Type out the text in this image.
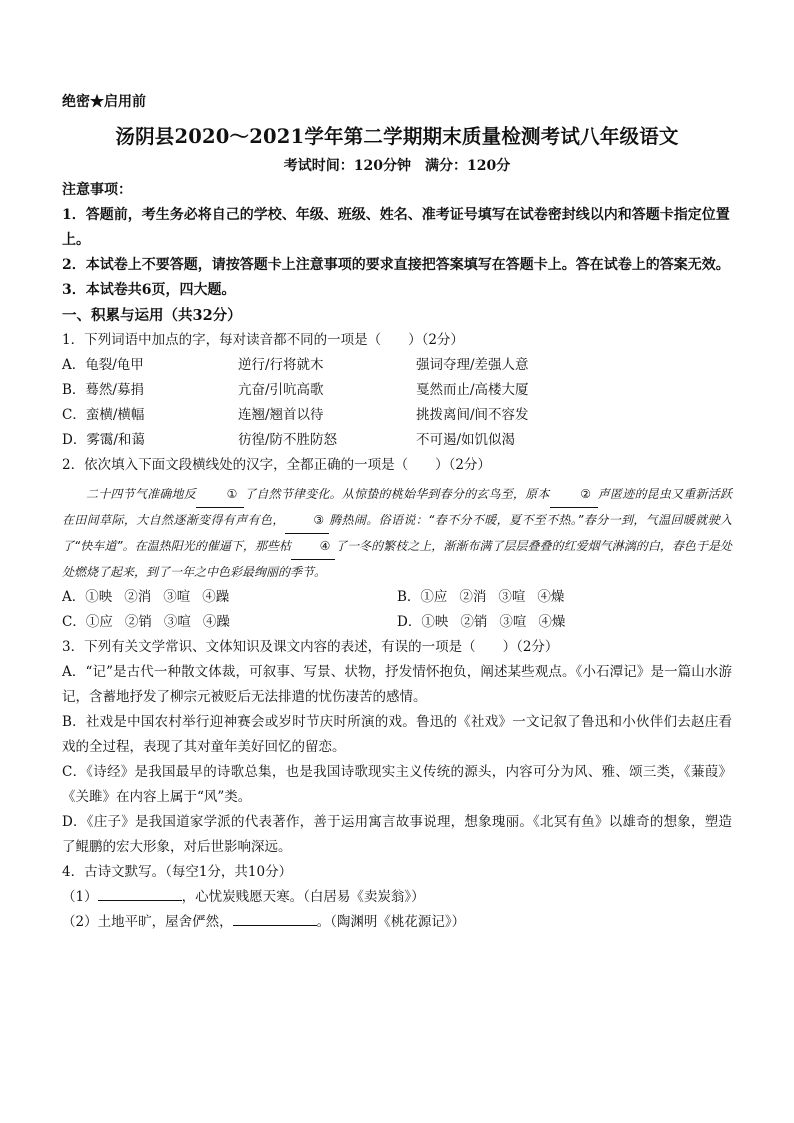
绝密★启用前
汤阴县2020～2021学年第二学期期末质量检测考试八年级语文
考试时间：120分钟　满分：120分
注意事项：
1．答题前，考生务必将自己的学校、年级、班级、姓名、准考证号填写在试卷密封线以内和答题卡指定位置上。
2．本试卷上不要答题，请按答题卡上注意事项的要求直接把答案填写在答题卡上。答在试卷上的答案无效。
3．本试卷共6页，四大题。
一、积累与运用（共32分）
1．下列词语中加点的字，每对读音都不同的一项是（　　）（2分）
A．龟裂/龟甲	逆行/行将就木	强词夺理/差强人意
B．蓦然/募捐	亢奋/引吭高歌	戛然而止/高楼大厦
C．蛮横/横幅	连翘/翘首以待	挑拨离间/间不容发
D．雾霭/和蔼	彷徨/防不胜防怒	不可遏/如饥似渴
2．依次填入下面文段横线处的汉字，全都正确的一项是（　　）（2分）
二十四节气准确地反	① 了自然节律变化。从惊蛰的桃始华到春分的玄鸟至，原本	② 声匿迹的昆虫又重新活跃在田间草际，大自然逐渐变得有声有色， ③ 腾热闹。俗语说：“春不分不暖，夏不至不热。”春分一到，气温回暖就驶入了“快车道”。在温热阳光的催逼下，那些枯 ④ 了一冬的繁枝之上，渐渐布满了层层叠叠的红爱烟气淋漓的白，春色于是处处燃烧了起来，到了一年之中色彩最绚丽的季节。
A．①映 ②消 ③喧 ④躁	B．①应 ②消 ③喧 ④燥
C．①应 ②销 ③喧 ④躁	D．①映 ②销 ③喧 ④燥
3．下列有关文学常识、文体知识及课文内容的表述，有误的一项是（　　）（2分）
A．“记”是古代一种散文体裁，可叙事、写景、状物，抒发情怀抱负，阐述某些观点。《小石潭记》是一篇山水游记，含蓄地抒发了柳宗元被贬后无法排遣的忧伤凄苦的感情。
B．社戏是中国农村举行迎神赛会或岁时节庆时所演的戏。鲁迅的《社戏》一文记叙了鲁迅和小伙伴们去赵庄看戏的全过程，表现了其对童年美好回忆的留恋。
C．《诗经》是我国最早的诗歌总集，也是我国诗歌现实主义传统的源头，内容可分为风、雅、颂三类，《蒹葭》《关雎》在内容上属于“风”类。
D．《庄子》是我国道家学派的代表著作，善于运用寓言故事说理，想象瑰丽。《北冥有鱼》以雄奇的想象，塑造了鲲鹏的宏大形象，对后世影响深远。
4．古诗文默写。（每空1分，共10分）
（1）	，心忧炭贱愿天寒。（白居易《卖炭翁》）
（2）土地平旷，屋舍俨然，	。（陶渊明《桃花源记》）
